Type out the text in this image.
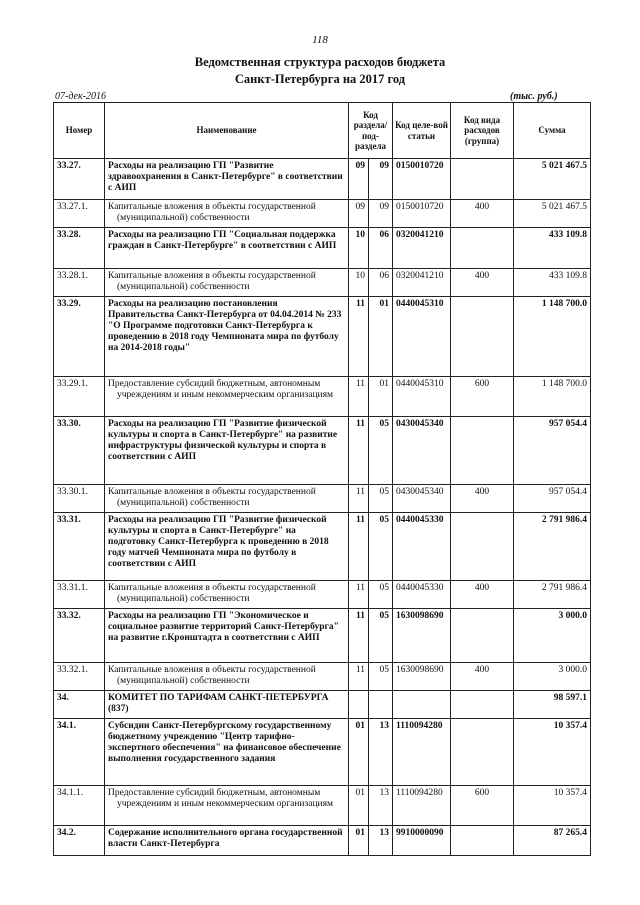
118
Ведомственная структура расходов бюджета
Санкт-Петербурга на 2017 год
07-дек-2016	(тыс. руб.)
Номер	Наименование	Код раздела/ под-раздела		Код целе-вой статьи	Код вида расходов (группа)	Сумма
33.27.	Расходы на реализацию ГП "Развитие здравоохранения в Санкт-Петербурге" в соответствии с АИП	09	09	0150010720		5 021 467.5
33.27.1.	Капитальные вложения в объекты государственной (муниципальной) собственности	09	09	0150010720	400	5 021 467.5
33.28.	Расходы на реализацию ГП "Социальная поддержка граждан в Санкт-Петербурге" в соответствии с АИП	10	06	0320041210		433 109.8
33.28.1.	Капитальные вложения в объекты государственной (муниципальной) собственности	10	06	0320041210	400	433 109.8
33.29.	Расходы на реализацию постановления Правительства Санкт-Петербурга от 04.04.2014 № 233 "О Программе подготовки Санкт-Петербурга к проведению в 2018 году Чемпионата мира по футболу на 2014-2018 годы"	11	01	0440045310		1 148 700.0
33.29.1.	Предоставление субсидий бюджетным, автономным учреждениям и иным некоммерческим организациям	11	01	0440045310	600	1 148 700.0
33.30.	Расходы на реализацию ГП "Развитие физической культуры и спорта в Санкт-Петербурге" на развитие инфраструктуры физической культуры и спорта в соответствии с АИП	11	05	0430045340		957 054.4
33.30.1.	Капитальные вложения в объекты государственной (муниципальной) собственности	11	05	0430045340	400	957 054.4
33.31.	Расходы на реализацию ГП "Развитие физической культуры и спорта в Санкт-Петербурге" на подготовку Санкт-Петербурга к проведению в 2018 году матчей Чемпионата мира по футболу в соответствии с АИП	11	05	0440045330		2 791 986.4
33.31.1.	Капитальные вложения в объекты государственной (муниципальной) собственности	11	05	0440045330	400	2 791 986.4
33.32.	Расходы на реализацию ГП "Экономическое и социальное развитие территорий Санкт-Петербурга" на развитие г.Кронштадта в соответствии с АИП	11	05	1630098690		3 000.0
33.32.1.	Капитальные вложения в объекты государственной (муниципальной) собственности	11	05	1630098690	400	3 000.0
34.	КОМИТЕТ ПО ТАРИФАМ САНКТ-ПЕТЕРБУРГА (837)					98 597.1
34.1.	Субсидии Санкт-Петербургскому государственному бюджетному учреждению "Центр тарифно-экспертного обеспечения" на финансовое обеспечение выполнения государственного задания	01	13	1110094280		10 357.4
34.1.1.	Предоставление субсидий бюджетным, автономным учреждениям и иным некоммерческим организациям	01	13	1110094280	600	10 357.4
34.2.	Содержание исполнительного органа государственной власти Санкт-Петербурга	01	13	9910000090		87 265.4
